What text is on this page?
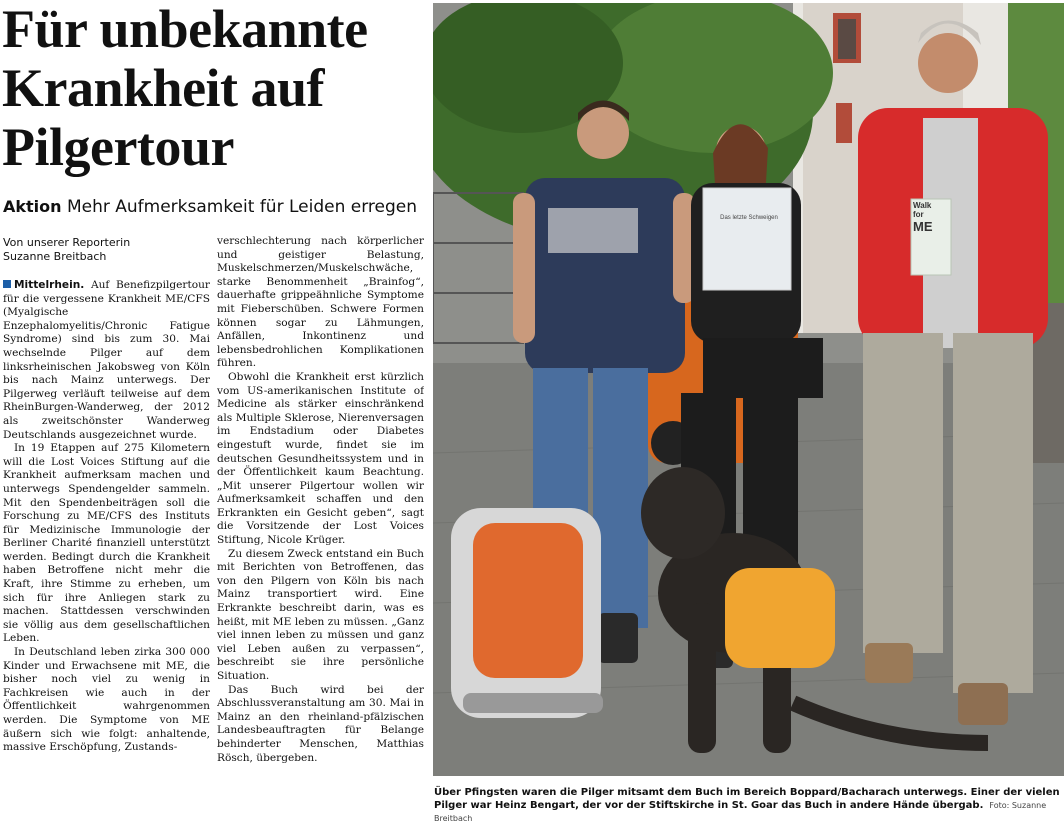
Für unbekannte
Krankheit auf
Pilgertour
Aktion Mehr Aufmerksamkeit für Leiden erregen
Von unserer Reporterin
Suzanne Breitbach

Mittelrhein. Auf Benefizpilgertour für die vergessene Krankheit ME/CFS (Myalgische Enzephalomyelitis/Chronic Fatigue Syndrome) sind bis zum 30. Mai wechselnde Pilger auf dem linksrheinischen Jakobsweg von Köln bis nach Mainz unterwegs. Der Pilgerweg verläuft teilweise auf dem RheinBurgen-Wanderweg, der 2012 als zweitschönster Wanderweg Deutschlands ausgezeichnet wurde.

In 19 Etappen auf 275 Kilometern will die Lost Voices Stiftung auf die Krankheit aufmerksam machen und unterwegs Spendengelder sammeln. Mit den Spendenbeiträgen soll die Forschung zu ME/CFS des Instituts für Medizinische Immunologie der Berliner Charité finanziell unterstützt werden. Bedingt durch die Krankheit haben Betroffene nicht mehr die Kraft, ihre Stimme zu erheben, um sich für ihre Anliegen stark zu machen. Stattdessen verschwinden sie völlig aus dem gesellschaftlichen Leben.

In Deutschland leben zirka 300 000 Kinder und Erwachsene mit ME, die bisher noch viel zu wenig in Fachkreisen wie auch in der Öffentlichkeit wahrgenommen werden. Die Symptome von ME äußern sich wie folgt: anhaltende, massive Erschöpfung, Zustands-

verschlechterung nach körperlicher und geistiger Belastung, Muskelschmerzen/Muskelschwäche, starke Benommenheit „Brainfog“, dauerhafte grippeähnliche Symptome mit Fieberschüben. Schwere Formen können sogar zu Lähmungen, Anfällen, Inkontinenz und lebensbedrohlichen Komplikationen führen.

Obwohl die Krankheit erst kürzlich vom US-amerikanischen Institute of Medicine als stärker einschränkend als Multiple Sklerose, Nierenversagen im Endstadium oder Diabetes eingestuft wurde, findet sie im deutschen Gesundheitssystem und in der Öffentlichkeit kaum Beachtung. „Mit unserer Pilgertour wollen wir Aufmerksamkeit schaffen und den Erkrankten ein Gesicht geben“, sagt die Vorsitzende der Lost Voices Stiftung, Nicole Krüger.

Zu diesem Zweck entstand ein Buch mit Berichten von Betroffenen, das von den Pilgern von Köln bis nach Mainz transportiert wird. Eine Erkrankte beschreibt darin, was es heißt, mit ME leben zu müssen. „Ganz viel innen leben zu müssen und ganz viel Leben außen zu verpassen“, beschreibt sie ihre persönliche Situation.

Das Buch wird bei der Abschlussveranstaltung am 30. Mai in Mainz an den rheinland-pfälzischen Landesbeauftragten für Belange behinderter Menschen, Matthias Rösch, übergeben.

Das letzte Schweigen
Walk
for
ME
Über Pfingsten waren die Pilger mitsamt dem Buch im Bereich Boppard/Bacharach unterwegs. Einer der vielen Pilger war Heinz Bengart, der vor der Stiftskirche in St. Goar das Buch in andere Hände übergab. Foto: Suzanne Breitbach
